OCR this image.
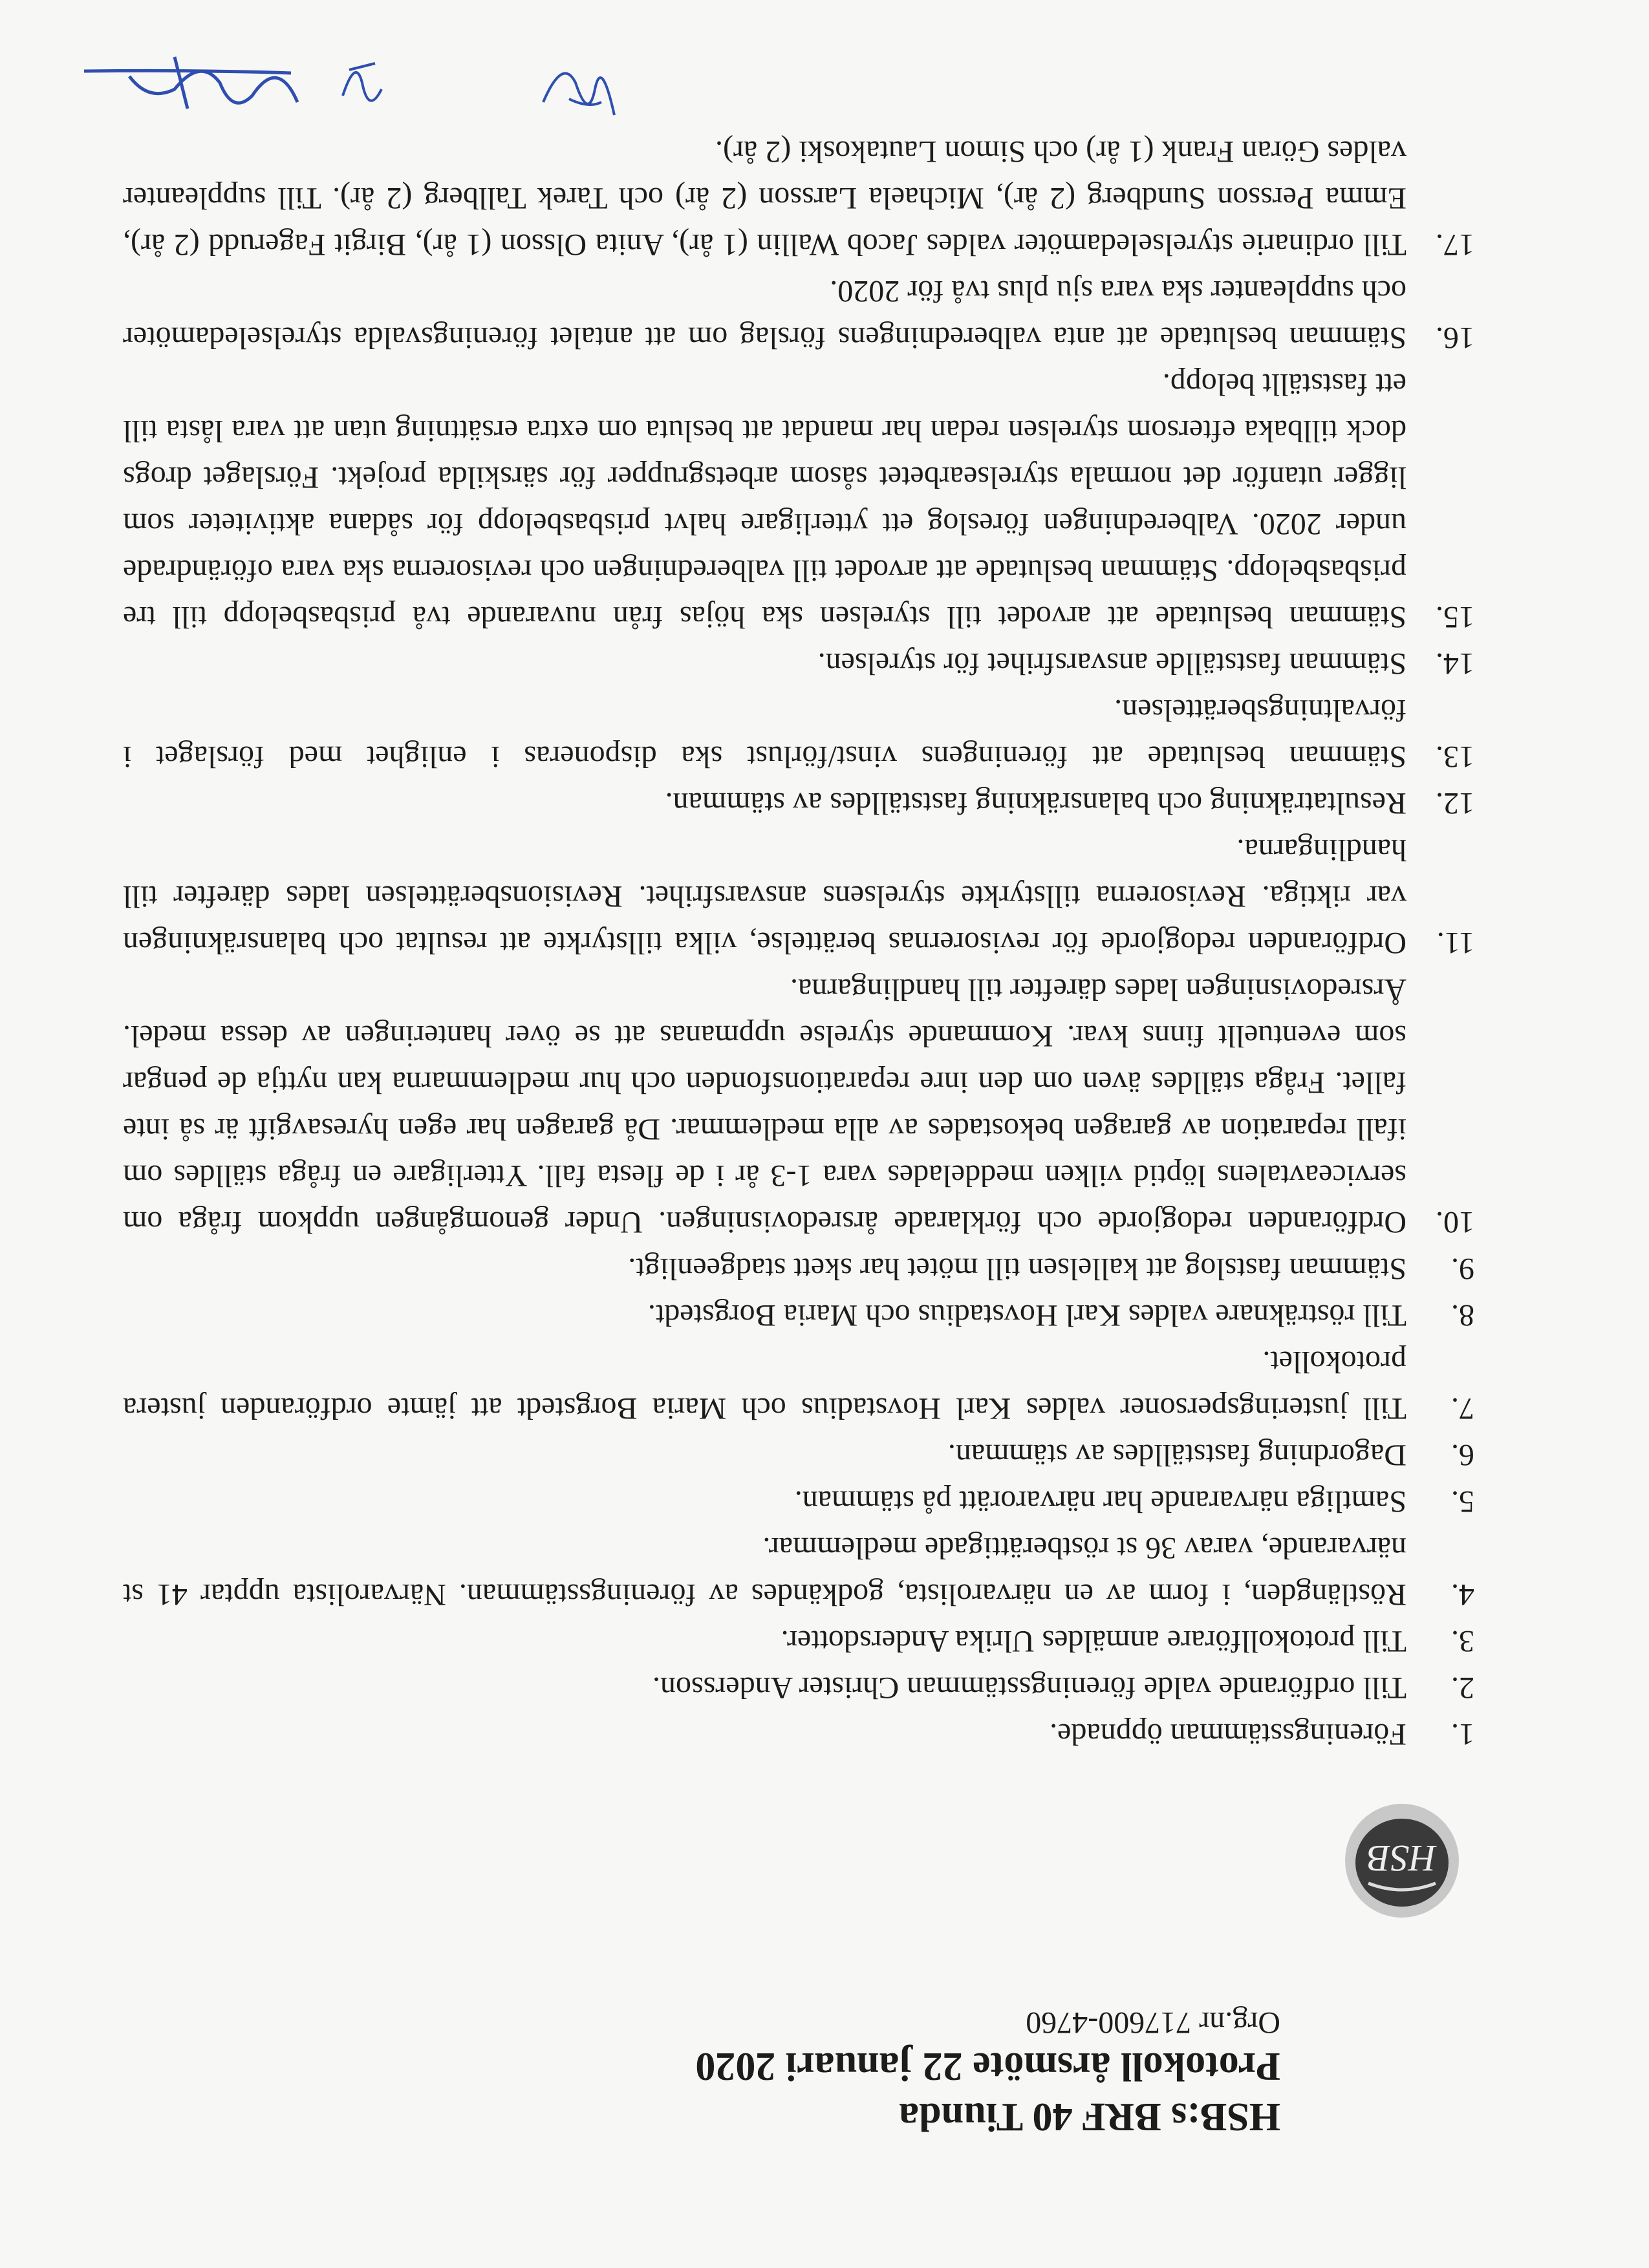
HSB:s BRF 40 Tiunda
Protokoll årsmöte 22 januari 2020
Org.nr 717600-4760
HSB
1.
Föreningsstämman öppnade.
2.
Till ordförande valde föreningsstämman Christer Andersson.
3.
Till protokollförare anmäldes Ulrika Andersdotter.
4.
Röstlängden, i form av en närvarolista, godkändes av föreningsstämman. Närvarolista upptar 41 st närvarande, varav 36 st röstberättigade medlemmar.
5.
Samtliga närvarande har närvarorätt på stämman.
6.
Dagordning fastställdes av stämman.
7.
Till justeringspersoner valdes Karl Hovstadius och Maria Borgstedt att jämte ordföranden justera protokollet.
8.
Till rösträknare valdes Karl Hovstadius och Maria Borgstedt.
9.
Stämman fastslog att kallelsen till mötet har skett stadgeenligt.
10.
Ordföranden redogjorde och förklarade årsredovisningen. Under genomgången uppkom fråga om serviceavtalens löptid vilken meddelades vara 1-3 år i de flesta fall. Ytterligare en fråga ställdes om ifall reparation av garagen bekostades av alla medlemmar. Då garagen har egen hyresavgift är så inte fallet. Fråga ställdes även om den inre reparationsfonden och hur medlemmarna kan nyttja de pengar som eventuellt finns kvar. Kommande styrelse uppmanas att se över hanteringen av dessa medel. Årsredovisningen lades därefter till handlingarna.
11.
Ordföranden redogjorde för revisorernas berättelse, vilka tillstyrkte att resultat och balansräkningen var riktiga. Revisorerna tillstyrkte styrelsens ansvarsfrihet. Revisionsberättelsen lades därefter till handlingarna.
12.
Resultaträkning och balansräkning fastställdes av stämman.
13.
Stämman beslutade att föreningens vinst/förlust ska disponeras i enlighet med förslaget i förvaltningsberättelsen.
14.
Stämman fastställde ansvarsfrihet för styrelsen.
15.
Stämman beslutade att arvodet till styrelsen ska höjas från nuvarande två prisbasbelopp till tre prisbasbelopp. Stämman beslutade att arvodet till valberedningen och revisorerna ska vara oförändrade under 2020. Valberedningen föreslog ett ytterligare halvt prisbasbelopp för sådana aktiviteter som ligger utanför det normala styrelsearbetet såsom arbetsgrupper för särskilda projekt. Förslaget drogs dock tillbaka eftersom styrelsen redan har mandat att besluta om extra ersättning utan att vara låsta till ett fastställt belopp.
16.
Stämman beslutade att anta valberedningens förslag om att antalet föreningsvalda styrelseledamöter och suppleanter ska vara sju plus två för 2020.
17.
Till ordinarie styrelseledamöter valdes Jacob Wallin (1 år), Anita Olsson (1 år), Birgit Fagerudd (2 år), Emma Persson Sundberg (2 år), Michaela Larsson (2 år) och Tarek Tallberg (2 år). Till suppleanter valdes Göran Frank (1 år) och Simon Lautakoski (2 år).
